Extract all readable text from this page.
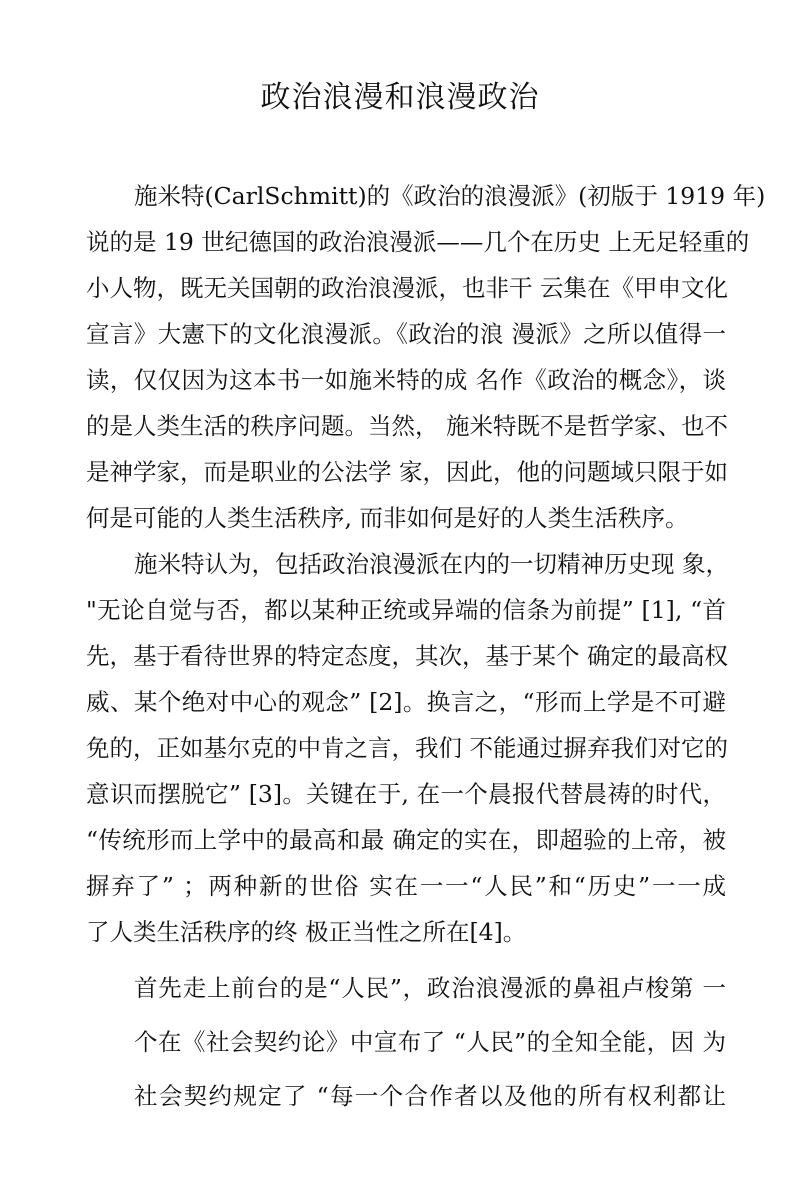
政治浪漫和浪漫政治

施米特(CarlSchmitt)的《政治的浪漫派》(初版于 1919 年)

说的是 19 世纪德国的政治浪漫派——几个在历史 上无足轻重的

小人物，既无关国朝的政治浪漫派，也非干 云集在《甲申文化

宣言》大憲下的文化浪漫派。《政治的浪 漫派》之所以值得一

读，仅仅因为这本书一如施米特的成 名作《政治的概念》，谈

的是人类生活的秩序问题。当然， 施米特既不是哲学家、也不

是神学家，而是职业的公法学 家，因此，他的问题域只限于如

何是可能的人类生活秩序, 而非如何是好的人类生活秩序。

施米特认为，包括政治浪漫派在内的一切精神历史现 象，

"无论自觉与否，都以某种正统或异端的信条为前提” [1], “首

先，基于看待世界的特定态度，其次，基于某个 确定的最高权

威、某个绝对中心的观念” [2]。换言之，“形而上学是不可避

免的，正如基尔克的中肯之言，我们 不能通过摒弃我们对它的

意识而摆脱它” [3]。关键在于, 在一个晨报代替晨祷的时代，

“传统形而上学中的最高和最 确定的实在，即超验的上帝，被

摒弃了” ；两种新的世俗 实在一一“人民”和“历史”一一成

了人类生活秩序的终 极正当性之所在[4]。

首先走上前台的是“人民”，政治浪漫派的鼻祖卢梭第 一

个在《社会契约论》中宣布了 “人民”的全知全能，因 为

社会契约规定了 “每一个合作者以及他的所有权利都让
